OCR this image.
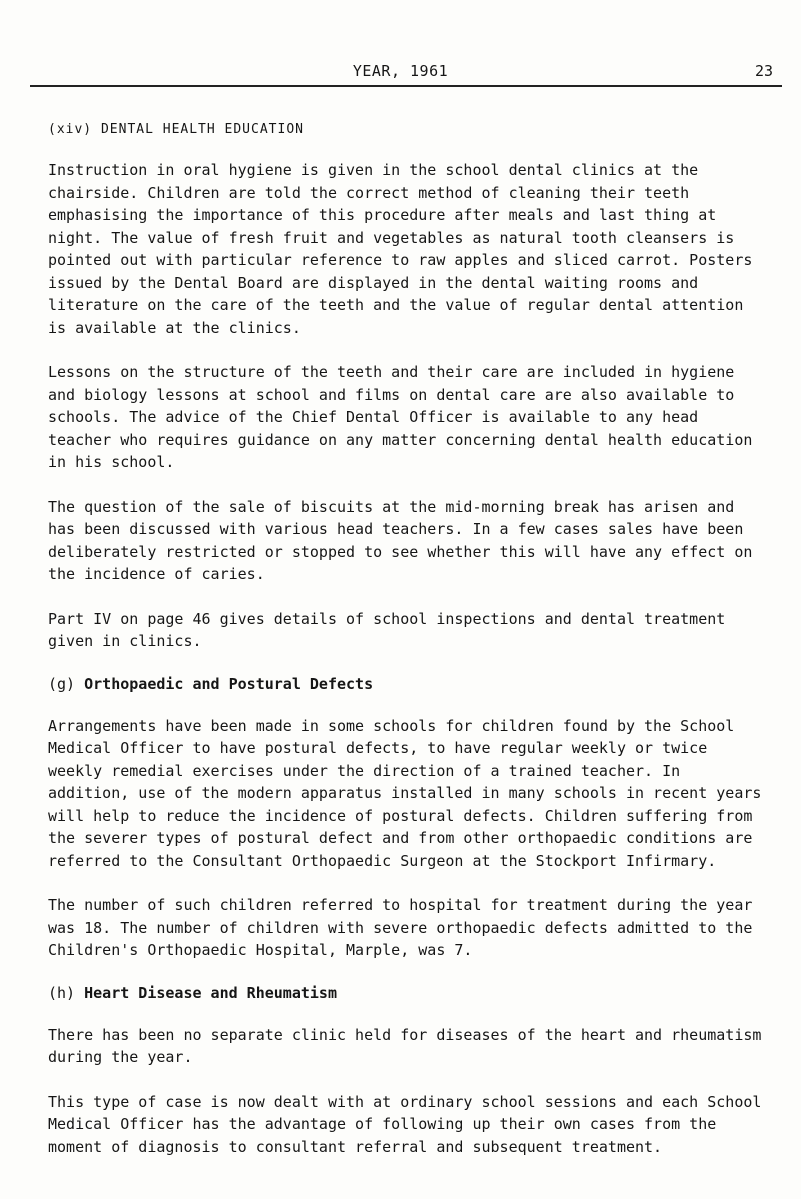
YEAR, 1961	23
(xiv) DENTAL HEALTH EDUCATION

Instruction in oral hygiene is given in the school dental clinics at the chairside. Children are told the correct method of cleaning their teeth emphasising the importance of this procedure after meals and last thing at night. The value of fresh fruit and vegetables as natural tooth cleansers is pointed out with particular reference to raw apples and sliced carrot. Posters issued by the Dental Board are displayed in the dental waiting rooms and literature on the care of the teeth and the value of regular dental attention is available at the clinics.

Lessons on the structure of the teeth and their care are included in hygiene and biology lessons at school and films on dental care are also available to schools. The advice of the Chief Dental Officer is available to any head teacher who requires guidance on any matter concerning dental health education in his school.

The question of the sale of biscuits at the mid-morning break has arisen and has been discussed with various head teachers. In a few cases sales have been deliberately restricted or stopped to see whether this will have any effect on the incidence of caries.

Part IV on page 46 gives details of school inspections and dental treatment given in clinics.

(g) Orthopaedic and Postural Defects

Arrangements have been made in some schools for children found by the School Medical Officer to have postural defects, to have regular weekly or twice weekly remedial exercises under the direction of a trained teacher. In addition, use of the modern apparatus installed in many schools in recent years will help to reduce the incidence of postural defects. Children suffering from the severer types of postural defect and from other orthopaedic conditions are referred to the Consultant Orthopaedic Surgeon at the Stockport Infirmary.

The number of such children referred to hospital for treatment during the year was 18. The number of children with severe orthopaedic defects admitted to the Children's Orthopaedic Hospital, Marple, was 7.

(h) Heart Disease and Rheumatism

There has been no separate clinic held for diseases of the heart and rheumatism during the year.

This type of case is now dealt with at ordinary school sessions and each School Medical Officer has the advantage of following up their own cases from the moment of diagnosis to consultant referral and subsequent treatment.
